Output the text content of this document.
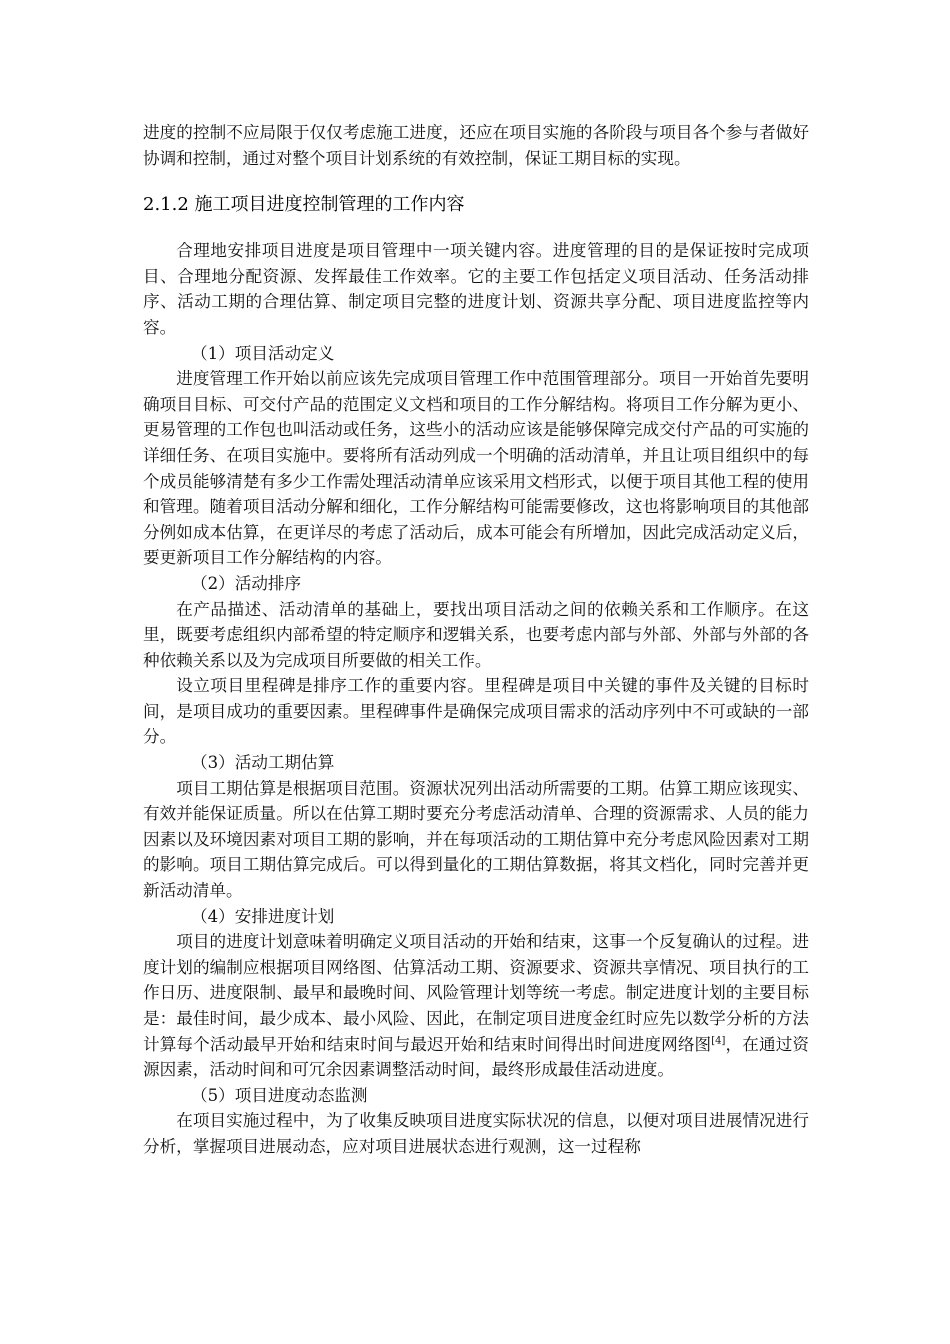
进度的控制不应局限于仅仅考虑施工进度，还应在项目实施的各阶段与项目各个参与者做好协调和控制，通过对整个项目计划系统的有效控制，保证工期目标的实现。

2.1.2 施工项目进度控制管理的工作内容

合理地安排项目进度是项目管理中一项关键内容。进度管理的目的是保证按时完成项目、合理地分配资源、发挥最佳工作效率。它的主要工作包括定义项目活动、任务活动排序、活动工期的合理估算、制定项目完整的进度计划、资源共享分配、项目进度监控等内容。

（1）项目活动定义

进度管理工作开始以前应该先完成项目管理工作中范围管理部分。项目一开始首先要明确项目目标、可交付产品的范围定义文档和项目的工作分解结构。将项目工作分解为更小、更易管理的工作包也叫活动或任务，这些小的活动应该是能够保障完成交付产品的可实施的详细任务、在项目实施中。要将所有活动列成一个明确的活动清单，并且让项目组织中的每个成员能够清楚有多少工作需处理活动清单应该采用文档形式，以便于项目其他工程的使用和管理。随着项目活动分解和细化，工作分解结构可能需要修改，这也将影响项目的其他部分例如成本估算，在更详尽的考虑了活动后，成本可能会有所增加，因此完成活动定义后，要更新项目工作分解结构的内容。

（2）活动排序

在产品描述、活动清单的基础上，要找出项目活动之间的依赖关系和工作顺序。在这里，既要考虑组织内部希望的特定顺序和逻辑关系，也要考虑内部与外部、外部与外部的各种依赖关系以及为完成项目所要做的相关工作。

设立项目里程碑是排序工作的重要内容。里程碑是项目中关键的事件及关键的目标时间，是项目成功的重要因素。里程碑事件是确保完成项目需求的活动序列中不可或缺的一部分。

（3）活动工期估算

项目工期估算是根据项目范围。资源状况列出活动所需要的工期。估算工期应该现实、有效并能保证质量。所以在估算工期时要充分考虑活动清单、合理的资源需求、人员的能力因素以及环境因素对项目工期的影响，并在每项活动的工期估算中充分考虑风险因素对工期的影响。项目工期估算完成后。可以得到量化的工期估算数据，将其文档化，同时完善并更新活动清单。

（4）安排进度计划

项目的进度计划意味着明确定义项目活动的开始和结束，这事一个反复确认的过程。进度计划的编制应根据项目网络图、估算活动工期、资源要求、资源共享情况、项目执行的工作日历、进度限制、最早和最晚时间、风险管理计划等统一考虑。制定进度计划的主要目标是：最佳时间，最少成本、最小风险、因此，在制定项目进度金红时应先以数学分析的方法计算每个活动最早开始和结束时间与最迟开始和结束时间得出时间进度网络图[4]，在通过资源因素，活动时间和可冗余因素调整活动时间，最终形成最佳活动进度。

（5）项目进度动态监测

在项目实施过程中，为了收集反映项目进度实际状况的信息，以便对项目进展情况进行分析，掌握项目进展动态，应对项目进展状态进行观测，这一过程称
